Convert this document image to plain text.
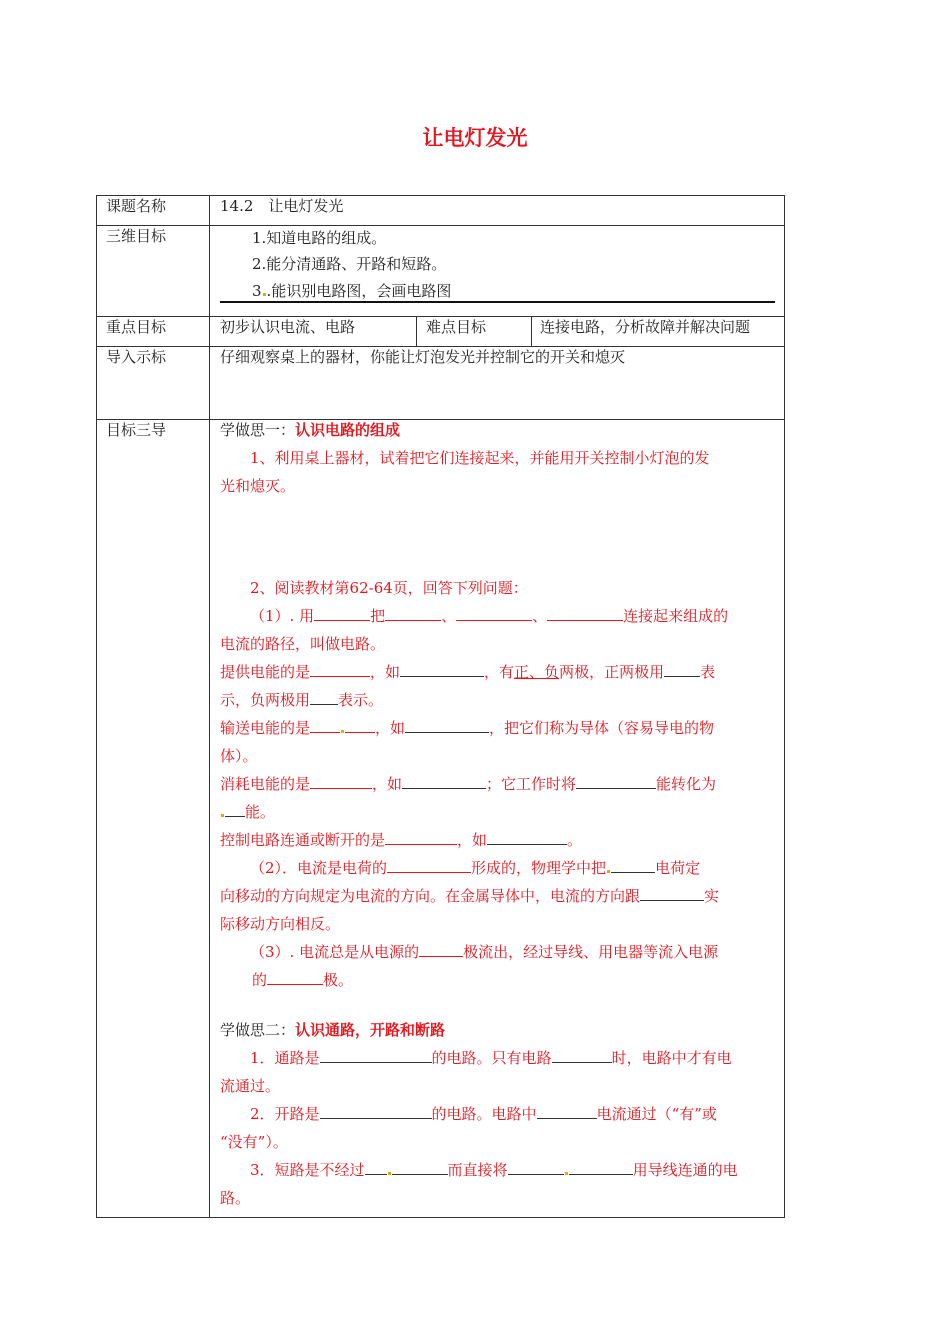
让电灯发光
课题名称	14.2　让电灯发光
三维目标	1.知道电路的组成。
2.能分清通路、开路和短路。
3 .能识别电路图，会画电路图
重点目标	初步认识电流、电路	难点目标	连接电路，分析故障并解决问题
导入示标	仔细观察桌上的器材，你能让灯泡发光并控制它的开关和熄灭
目标三导	学做思一：认识电路的组成
1、利用桌上器材，试着把它们连接起来，并能用开关控制小灯泡的发
光和熄灭。
2、阅读教材第62-64页，回答下列问题：
（1）. 用	把	、	、	连接起来组成的
电流的路径，叫做电路。
提供电能的是	，如	，有正、负两极，正两极用 表
示，负两极用 表示。
输送电能的是	，如	，把它们称为导体（容易导电的物
体）。
消耗电能的是	，如	；它工作时将	能转化为
能。
控制电路连通或断开的是	，如	。
（2）．电流是电荷的	形成的，物理学中把	电荷定
向移动的方向规定为电流的方向。在金属导体中，电流的方向跟	实
际移动方向相反。
（3）. 电流总是从电源的	极流出，经过导线、用电器等流入电源
的	极。
学做思二：认识通路，开路和断路
1．通路是	的电路。只有电路	时，电路中才有电
流通过。
2．开路是	的电路。电路中	电流通过（“有”或
“没有”）。
3．短路是不经过	而直接将	用导线连通的电
路。
